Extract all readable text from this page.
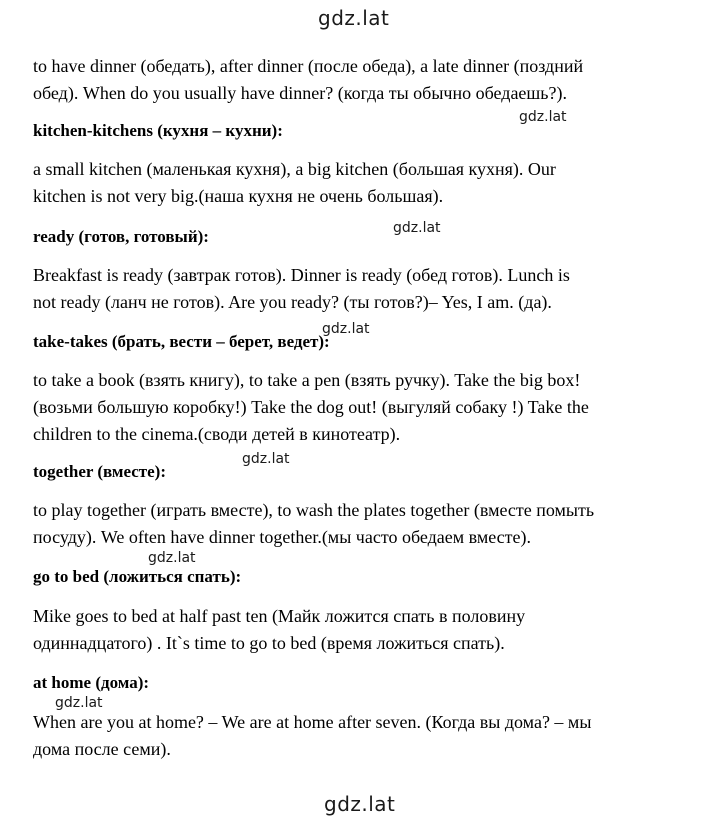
gdz.lat
gdz.lat
gdz.lat
gdz.lat
gdz.lat
gdz.lat
gdz.lat
gdz.lat
to have dinner (обедать), after dinner (после обеда), a late dinner (поздний
обед). When do you usually have dinner? (когда ты обычно обедаешь?).
kitchen-kitchens (кухня – кухни):
a small kitchen (маленькая кухня), a big kitchen (большая кухня). Our
kitchen is not very big.(наша кухня не очень большая).
ready (готов, готовый):
Breakfast is ready (завтрак готов). Dinner is ready (обед готов). Lunch is
not ready (ланч не готов). Are you ready? (ты готов?)– Yes, I am. (да).
take-takes (брать, вести – берет, ведет):
to take a book (взять книгу), to take a pen (взять ручку). Take the big box!
(возьми большую коробку!) Take the dog out! (выгуляй собаку !) Take the
children to the cinema.(своди детей в кинотеатр).
together (вместе):
to play together (играть вместе), to wash the plates together (вместе помыть
посуду). We often have dinner together.(мы часто обедаем вместе).
go to bed (ложиться спать):
Mike goes to bed at half past ten (Майк ложится спать в половину
одиннадцатого) . It`s time to go to bed (время ложиться спать).
at home (дома):
When are you at home? – We are at home after seven. (Когда вы дома? – мы
дома после семи).
